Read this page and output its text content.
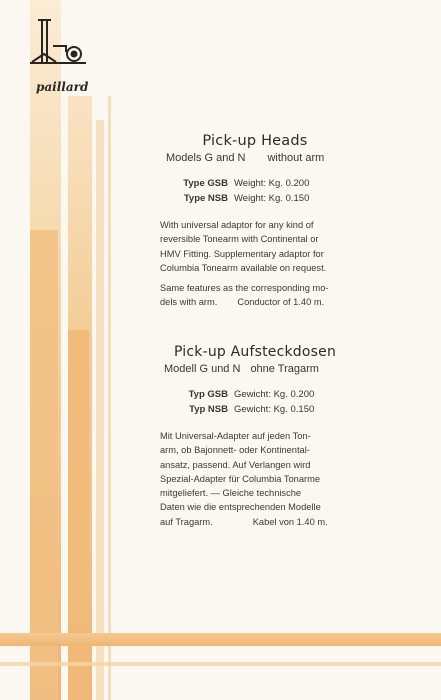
paillard
Pick-up Heads
Models G and N without arm
Type GSB Weight: Kg. 0.200
Type NSB Weight: Kg. 0.150
With universal adaptor for any kind of
reversible Tonearm with Continental or
HMV Fitting. Supplementary adaptor for
Columbia Tonearm available on request.
Same features as the corresponding mo-
dels with arm. Conductor of 1.40 m.
Pick-up Aufsteckdosen
Modell G und N ohne Tragarm
Typ GSB Gewicht: Kg. 0.200
Typ NSB Gewicht: Kg. 0.150
Mit Universal-Adapter auf jeden Ton-
arm, ob Bajonnett- oder Kontinental-
ansatz, passend. Auf Verlangen wird
Spezial-Adapter für Columbia Tonarme
mitgeliefert. — Gleiche technische
Daten wie die entsprechenden Modelle
auf Tragarm.	Kabel von 1.40 m.
